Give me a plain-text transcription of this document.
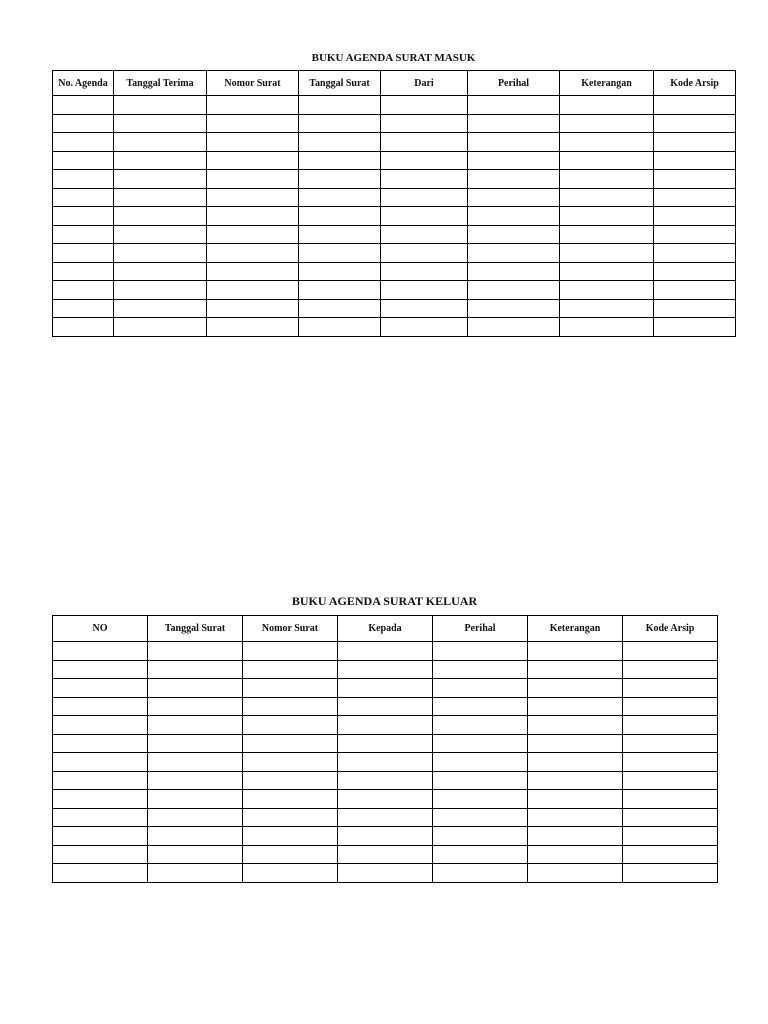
BUKU AGENDA SURAT MASUK
No. Agenda	Tanggal Terima	Nomor Surat	Tanggal Surat	Dari	Perihal	Keterangan	Kode Arsip

BUKU AGENDA SURAT KELUAR
NO	Tanggal Surat	Nomor Surat	Kepada	Perihal	Keterangan	Kode Arsip
